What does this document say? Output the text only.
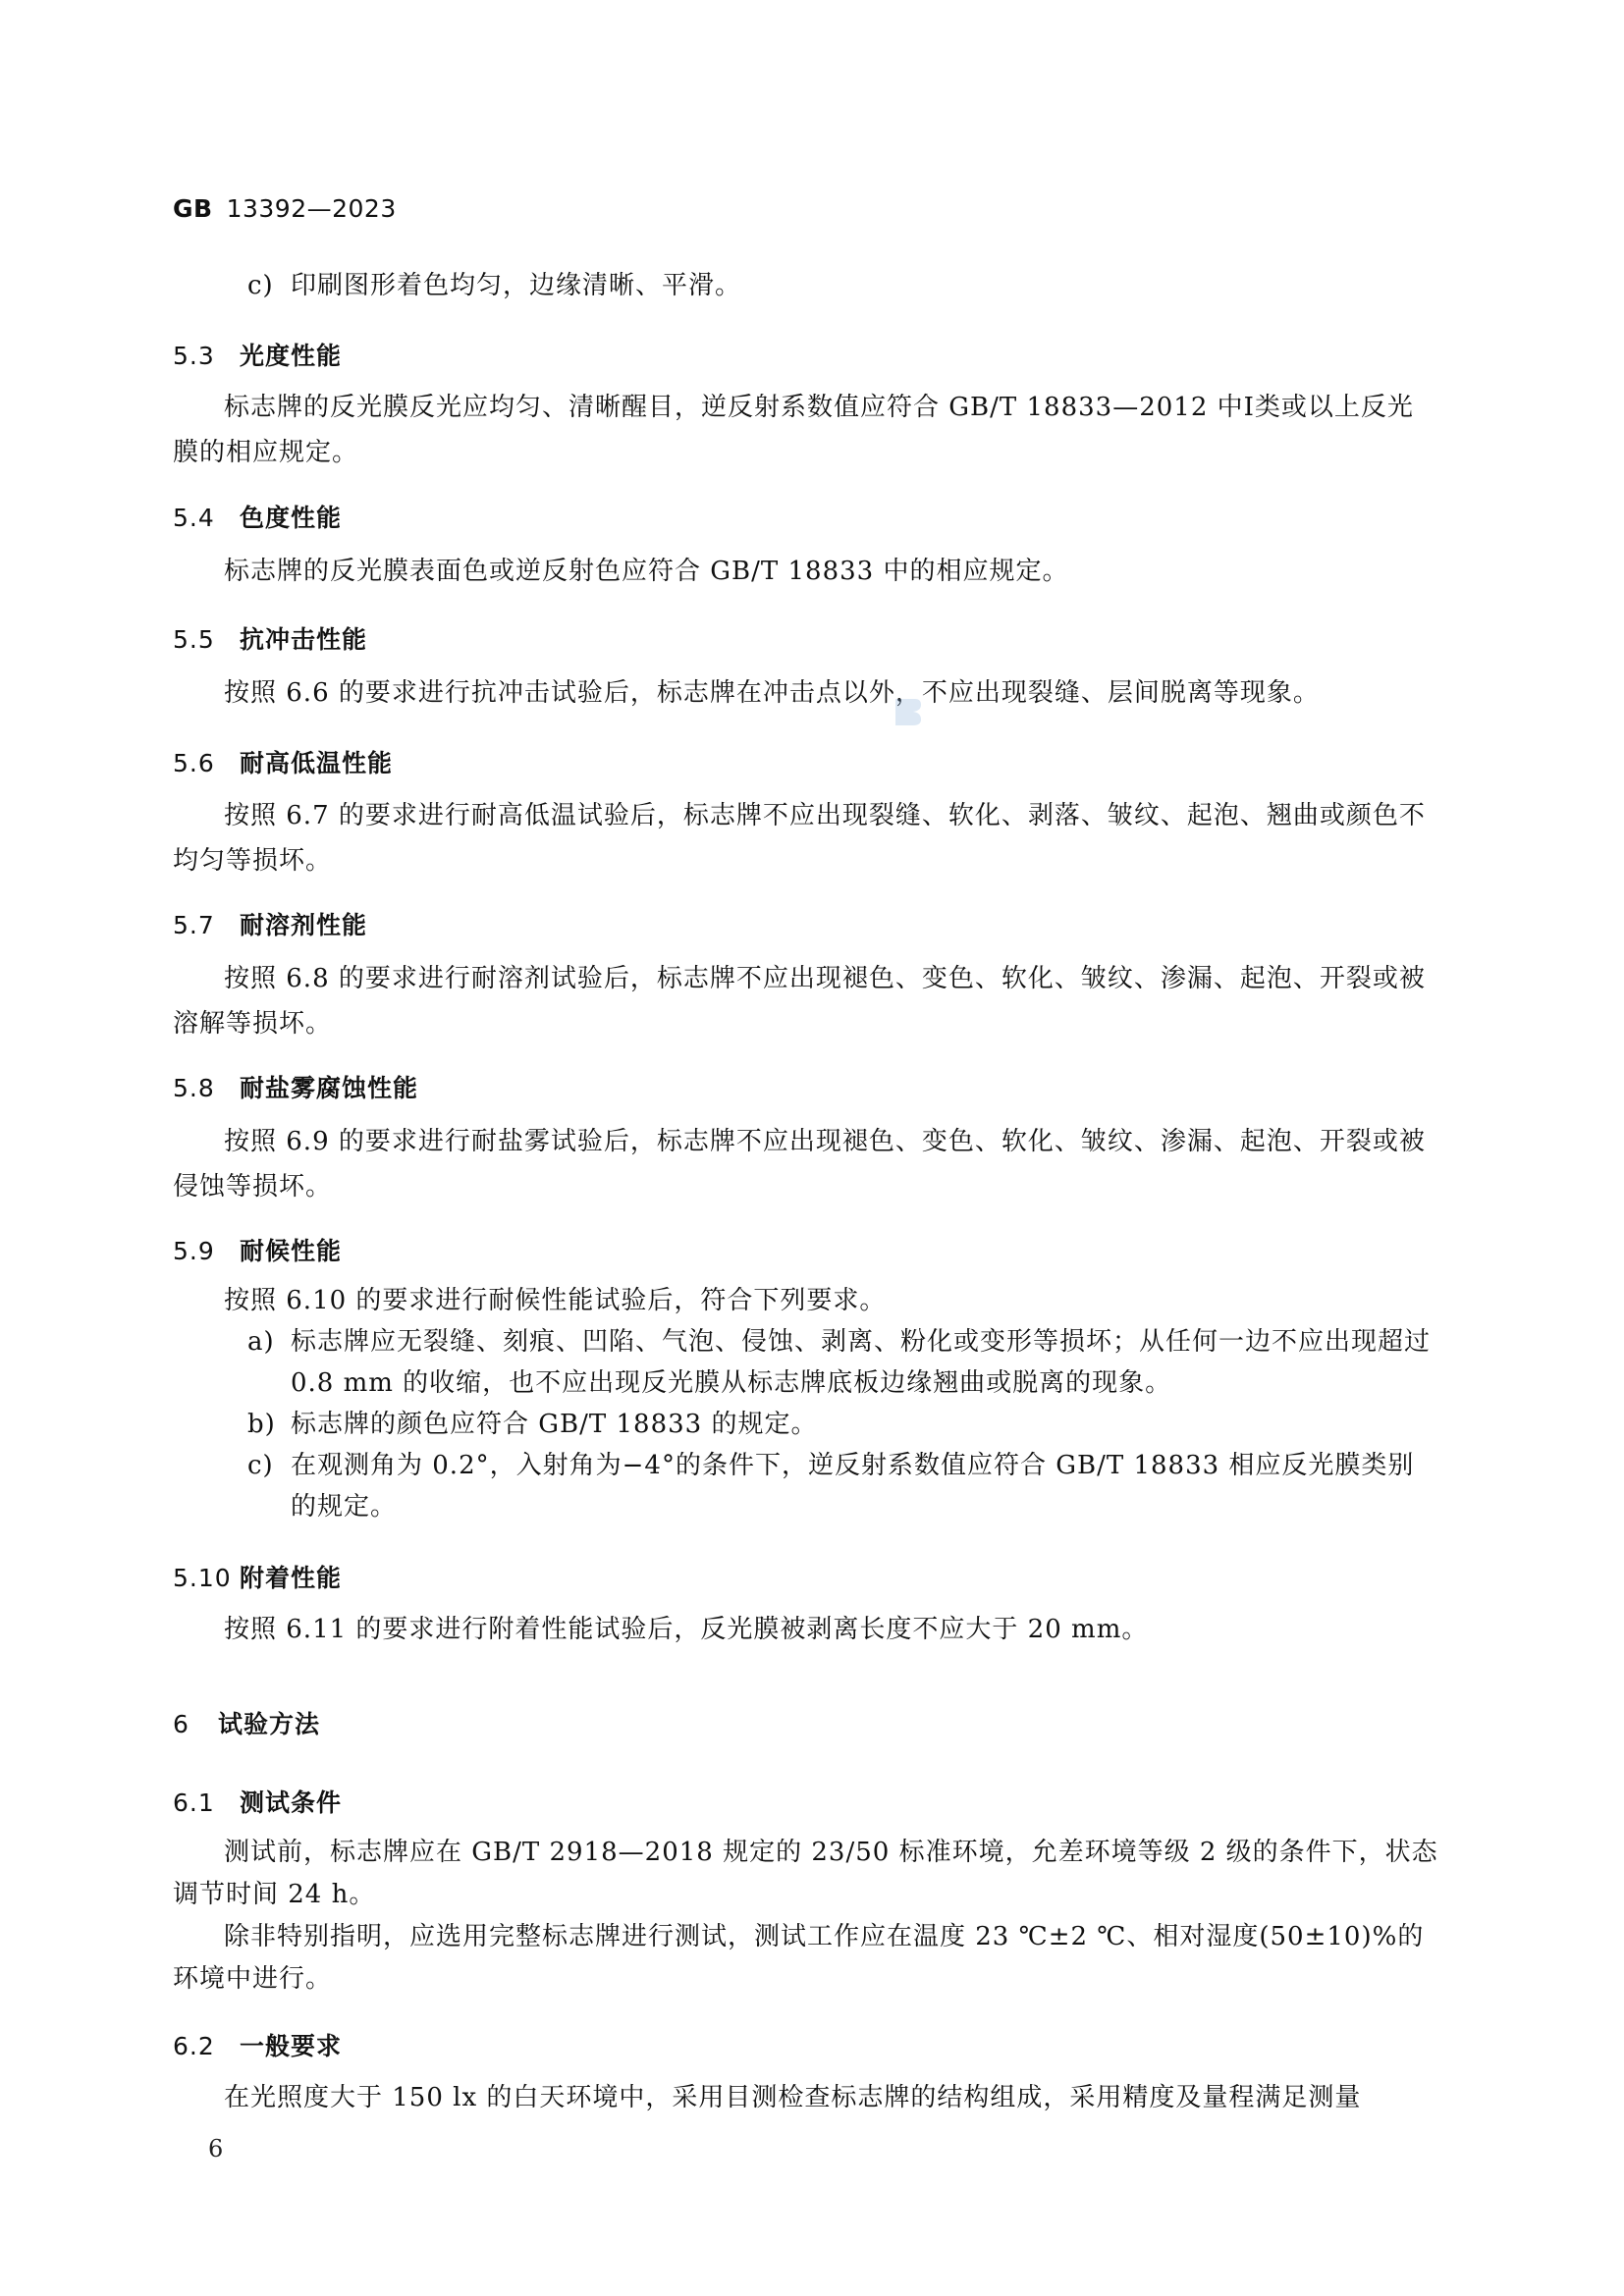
GB 13392—2023

c) 印刷图形着色均匀，边缘清晰、平滑。

5.3 光度性能

标志牌的反光膜反光应均匀、清晰醒目，逆反射系数值应符合 GB/T 18833—2012 中Ⅰ类或以上反光膜的相应规定。

5.4 色度性能

标志牌的反光膜表面色或逆反射色应符合 GB/T 18833 中的相应规定。

5.5 抗冲击性能

按照 6.6 的要求进行抗冲击试验后，标志牌在冲击点以外，不应出现裂缝、层间脱离等现象。

5.6 耐高低温性能

按照 6.7 的要求进行耐高低温试验后，标志牌不应出现裂缝、软化、剥落、皱纹、起泡、翘曲或颜色不均匀等损坏。

5.7 耐溶剂性能

按照 6.8 的要求进行耐溶剂试验后，标志牌不应出现褪色、变色、软化、皱纹、渗漏、起泡、开裂或被溶解等损坏。

5.8 耐盐雾腐蚀性能

按照 6.9 的要求进行耐盐雾试验后，标志牌不应出现褪色、变色、软化、皱纹、渗漏、起泡、开裂或被侵蚀等损坏。

5.9 耐候性能

按照 6.10 的要求进行耐候性能试验后，符合下列要求。

a) 标志牌应无裂缝、刻痕、凹陷、气泡、侵蚀、剥离、粉化或变形等损坏；从任何一边不应出现超过 0.8 mm 的收缩，也不应出现反光膜从标志牌底板边缘翘曲或脱离的现象。

b) 标志牌的颜色应符合 GB/T 18833 的规定。

c) 在观测角为 0.2°，入射角为−4°的条件下，逆反射系数值应符合 GB/T 18833 相应反光膜类别的规定。

5.10 附着性能

按照 6.11 的要求进行附着性能试验后，反光膜被剥离长度不应大于 20 mm。

6 试验方法
6.1 测试条件

测试前，标志牌应在 GB/T 2918—2018 规定的 23/50 标准环境，允差环境等级 2 级的条件下，状态调节时间 24 h。

除非特别指明，应选用完整标志牌进行测试，测试工作应在温度 23 ℃±2 ℃、相对湿度(50±10)%的环境中进行。

6.2 一般要求

在光照度大于 150 lx 的白天环境中，采用目测检查标志牌的结构组成，采用精度及量程满足测量

6
